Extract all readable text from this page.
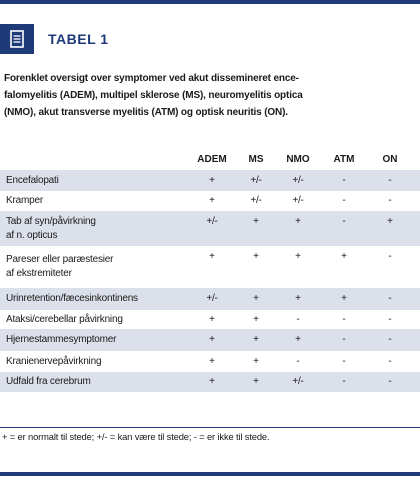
TABEL 1
Forenklet oversigt over symptomer ved akut dissemineret ence-
falomyelitis (ADEM), multipel sklerose (MS), neuromyelitis optica
(NMO), akut transverse myelitis (ATM) og optisk neuritis (ON).
ADEM	MS	NMO	ATM	ON
Encefalopati	+	+/-	+/-	-	-
Kramper	+	+/-	+/-	-	-
Tab af syn/påvirkning
af n. opticus
+/-	+	+	-	+
Pareser eller paræstesier
af ekstremiteter
+	+	+	+	-
Urinretention/fæcesinkontinens	+/-	+	+	+	-
Ataksi/cerebellar påvirkning	+	+	-	-	-
Hjernestammesymptomer	+	+	+	-	-
Kranienervepåvirkning	+	+	-	-	-
Udfald fra cerebrum	+	+	+/-	-	-
+ = er normalt til stede; +/- = kan være til stede; - = er ikke til stede.
